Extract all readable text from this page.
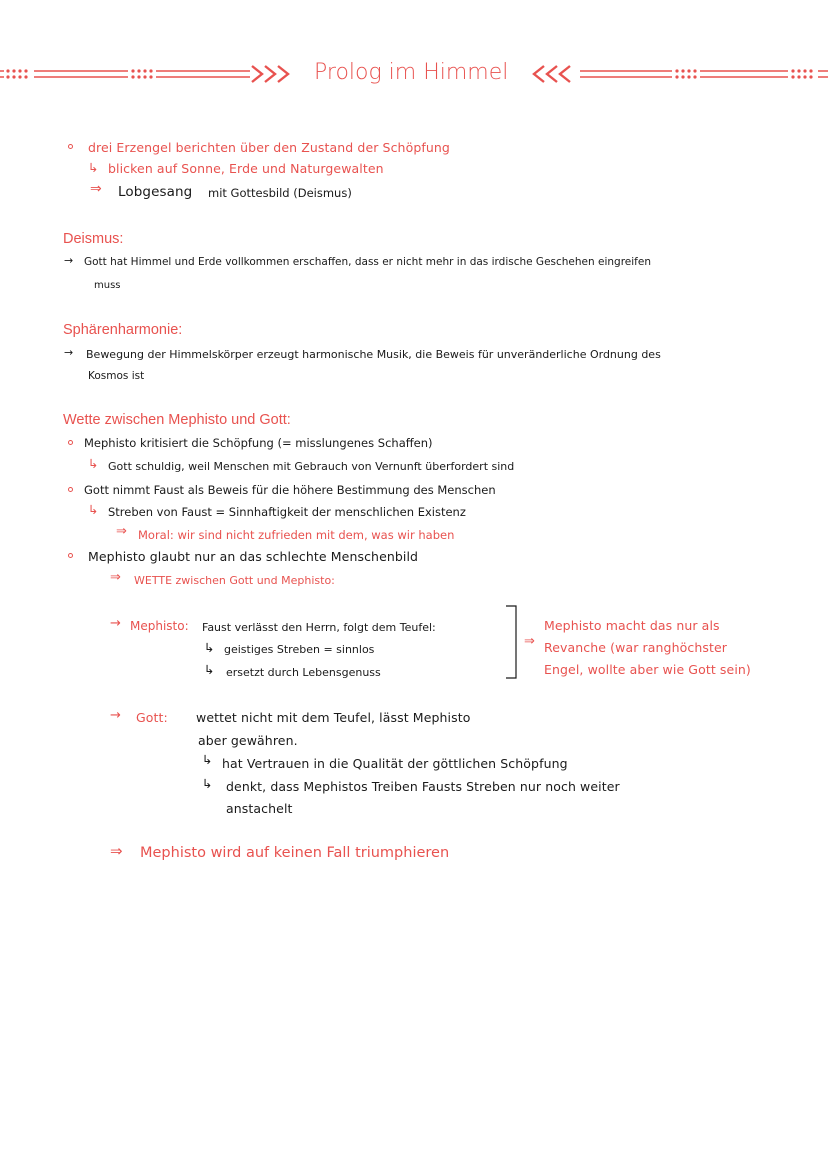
Prolog im Himmel
drei Erzengel berichten über den Zustand der Schöpfung
↳ blicken auf Sonne, Erde und Naturgewalten
⇒ Lobgesang mit Gottesbild (Deismus)
Deismus:
→ Gott hat Himmel und Erde vollkommen erschaffen, dass er nicht mehr in das irdische Geschehen eingreifen
muss
Sphärenharmonie:
→ Bewegung der Himmelskörper erzeugt harmonische Musik, die Beweis für unveränderliche Ordnung des
Kosmos ist
Wette zwischen Mephisto und Gott:
Mephisto kritisiert die Schöpfung (= misslungenes Schaffen)
↳ Gott schuldig, weil Menschen mit Gebrauch von Vernunft überfordert sind
Gott nimmt Faust als Beweis für die höhere Bestimmung des Menschen
↳ Streben von Faust = Sinnhaftigkeit der menschlichen Existenz
⇒ Moral: wir sind nicht zufrieden mit dem, was wir haben
Mephisto glaubt nur an das schlechte Menschenbild
⇒ WETTE zwischen Gott und Mephisto:
→ Mephisto: Faust verlässt den Herrn, folgt dem Teufel:
↳ geistiges Streben = sinnlos
↳ ersetzt durch Lebensgenuss
⇒
Mephisto macht das nur als
Revanche (war ranghöchster
Engel, wollte aber wie Gott sein)
→ Gott: wettet nicht mit dem Teufel, lässt Mephisto
aber gewähren.
↳ hat Vertrauen in die Qualität der göttlichen Schöpfung
↳ denkt, dass Mephistos Treiben Fausts Streben nur noch weiter
anstachelt
⇒ Mephisto wird auf keinen Fall triumphieren
